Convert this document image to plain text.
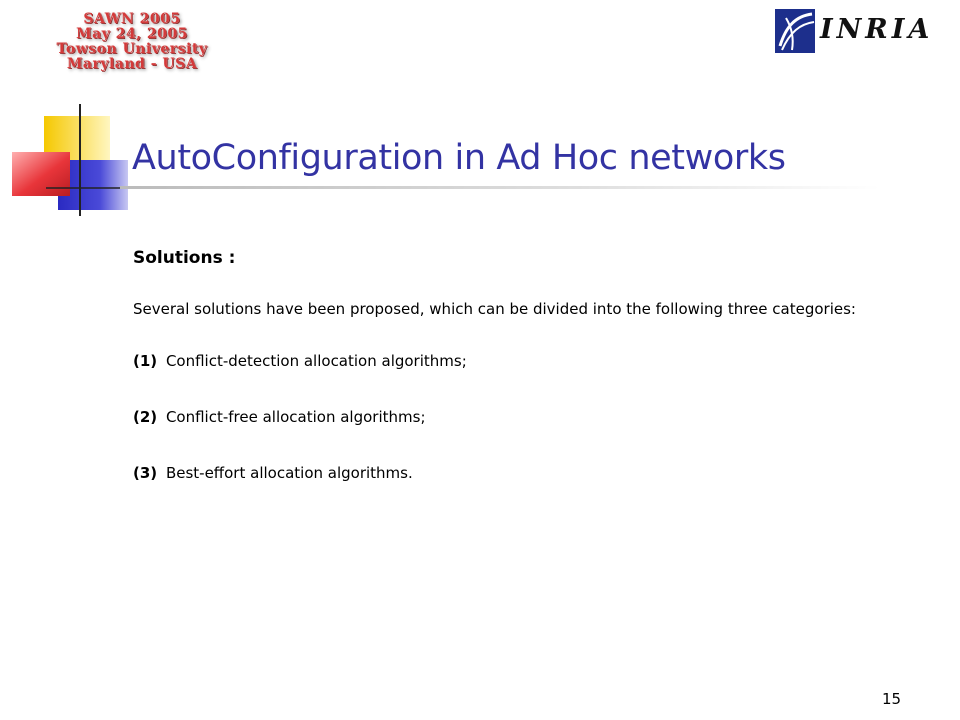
SAWN 2005
May 24, 2005
Towson University
Maryland - USA
INRIA
AutoConfiguration in Ad Hoc networks
Solutions :
Several solutions have been proposed, which can be divided into the following three categories:
(1) Conflict-detection allocation algorithms;
(2) Conflict-free allocation algorithms;
(3) Best-effort allocation algorithms.
15
